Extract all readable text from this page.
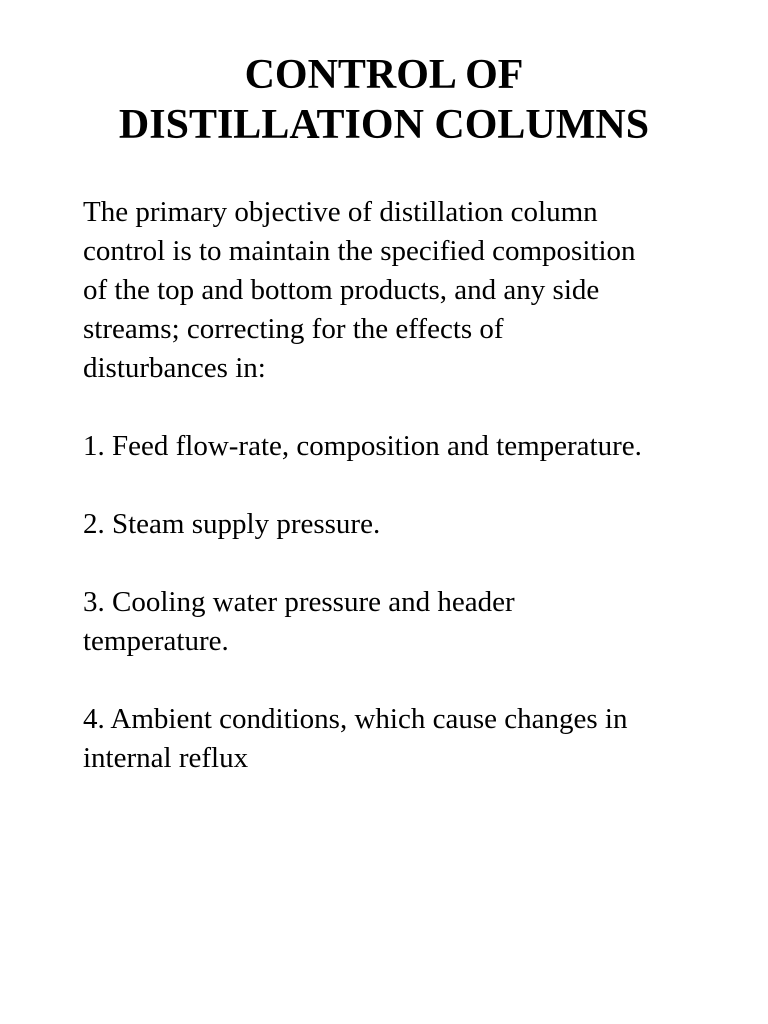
CONTROL OF
DISTILLATION COLUMNS

The primary objective of distillation column
control is to maintain the specified composition
of the top and bottom products, and any side
streams; correcting for the effects of
disturbances in:

1. Feed flow-rate, composition and temperature.
2. Steam supply pressure.
3. Cooling water pressure and header
temperature.
4. Ambient conditions, which cause changes in
internal reflux
